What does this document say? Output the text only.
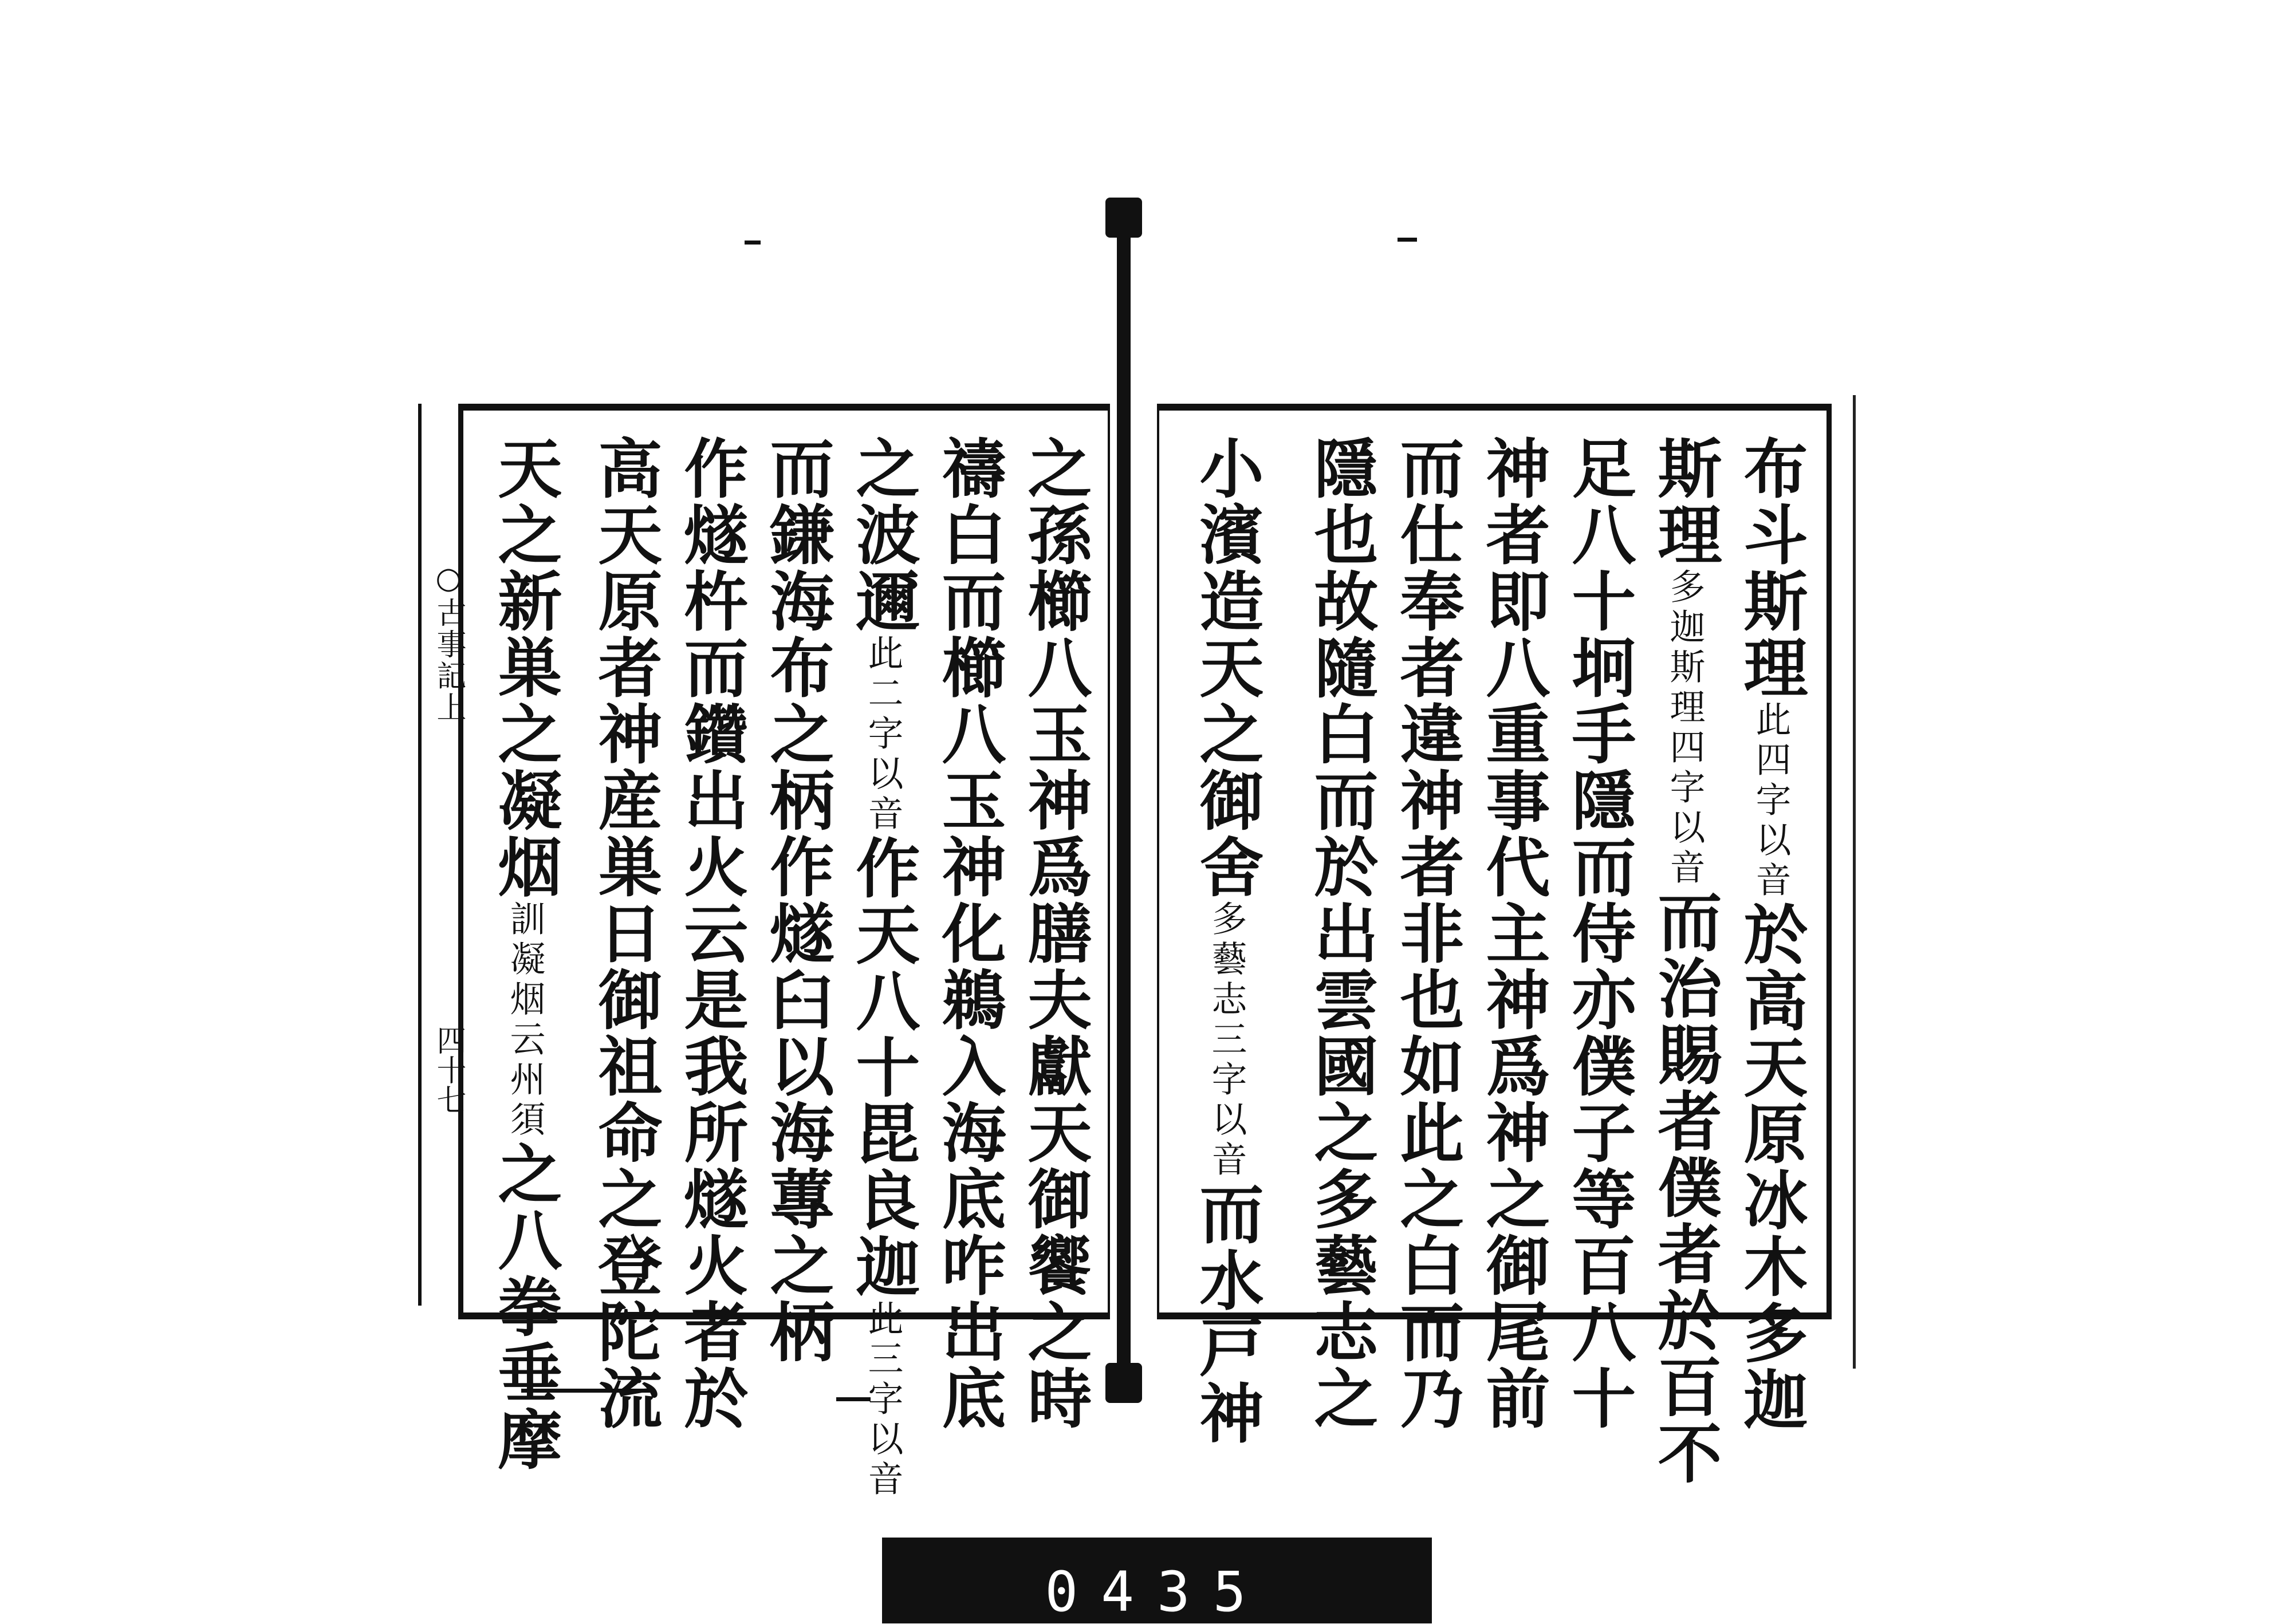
○古事記上
四十七
布斗斯理此四字以音於高天原冰木多迦
斯理多迦斯理四字以音而治賜者僕者於百不
足八十坰手隱而侍亦僕子等百八十
神者即八重事代主神爲神之御尾前
而仕奉者違神者非也如此之白而乃
隱也故隨白而於出雲國之多藝志之
小濱造天之御舍多藝志三字以音而水戸神
之孫櫛八玉神爲膳夫獻天御饗之時
禱白而櫛八玉神化鵜入海底咋出底
之波邇此二字以音作天八十毘良迦此三字以音
而鎌海布之柄作燧臼以海蓴之柄
作燧杵而鑽出火云是我所燧火者於
高天原者神産巣日御祖命之登陀流
天之新巣之凝烟訓凝烟云州須之八拳垂摩
0435
